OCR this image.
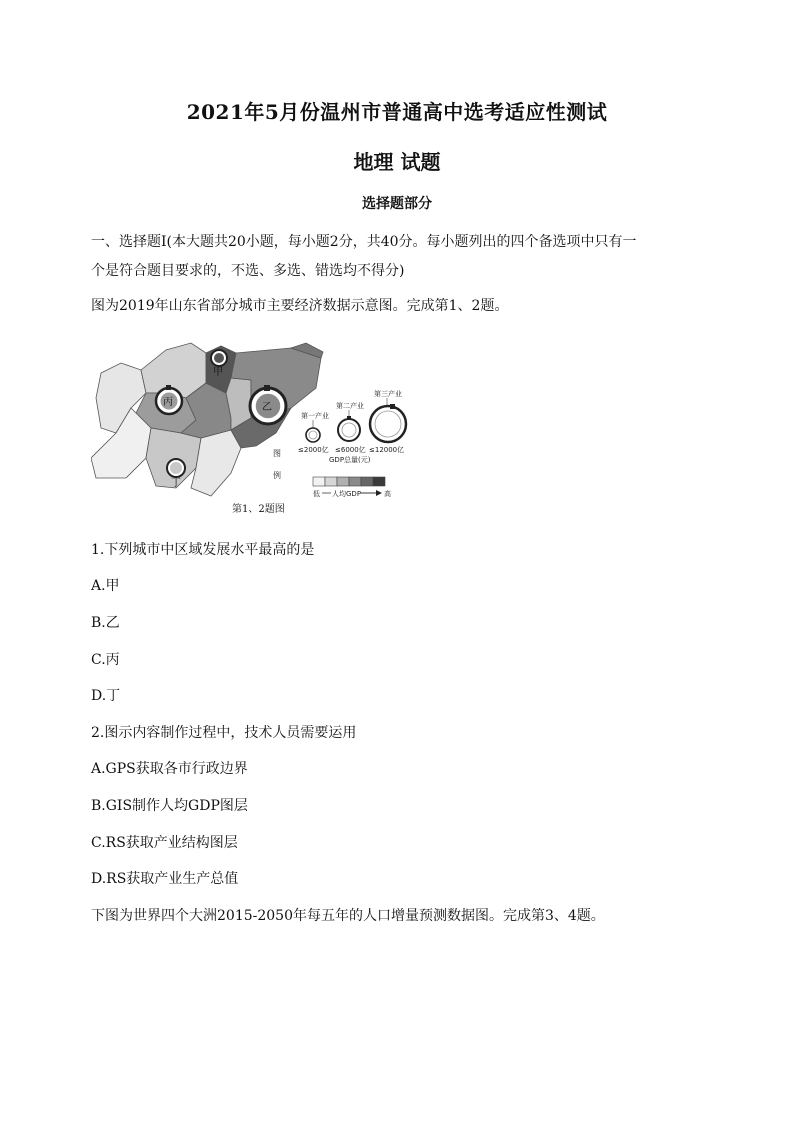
2021年5月份温州市普通高中选考适应性测试
地理 试题
选择题部分
一、选择题Ⅰ(本大题共20小题，每小题2分，共40分。每小题列出的四个备选项中只有一
个是符合题目要求的，不选、多选、错选均不得分)
图为2019年山东省部分城市主要经济数据示意图。完成第1、2题。
甲
乙
丙
丁
图
例
第一产业
第二产业
第三产业
≤2000亿 ≤6000亿 ≤12000亿
GDP总量(元)
低 人均GDP	高
第1、2题图
1.下列城市中区域发展水平最高的是
A.甲
B.乙
C.丙
D.丁
2.图示内容制作过程中，技术人员需要运用
A.GPS获取各市行政边界
B.GIS制作人均GDP图层
C.RS获取产业结构图层
D.RS获取产业生产总值
下图为世界四个大洲2015-2050年每五年的人口增量预测数据图。完成第3、4题。
